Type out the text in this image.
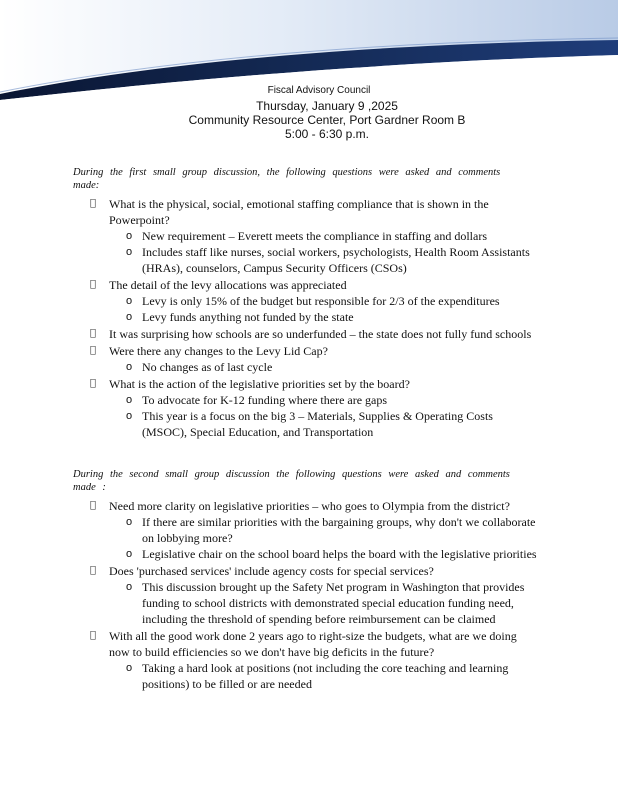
Fiscal Advisory Council
Thursday, January 9 ,2025
Community Resource Center, Port Gardner Room B
5:00 - 6:30 p.m.
During the first small group discussion, the following questions were asked and comments made:
What is the physical, social, emotional staffing compliance that is shown in the Powerpoint?
o New requirement – Everett meets the compliance in staffing and dollars
o Includes staff like nurses, social workers, psychologists, Health Room Assistants (HRAs), counselors, Campus Security Officers (CSOs)
The detail of the levy allocations was appreciated
o Levy is only 15% of the budget but responsible for 2/3 of the expenditures
o Levy funds anything not funded by the state
It was surprising how schools are so underfunded – the state does not fully fund schools
Were there any changes to the Levy Lid Cap?
o No changes as of last cycle
What is the action of the legislative priorities set by the board?
o To advocate for K-12 funding where there are gaps
o This year is a focus on the big 3 – Materials, Supplies & Operating Costs (MSOC), Special Education, and Transportation
During the second small group discussion the following questions were asked and comments made :
Need more clarity on legislative priorities – who goes to Olympia from the district?
o If there are similar priorities with the bargaining groups, why don't we collaborate on lobbying more?
o Legislative chair on the school board helps the board with the legislative priorities
Does 'purchased services' include agency costs for special services?
o This discussion brought up the Safety Net program in Washington that provides funding to school districts with demonstrated special education funding need, including the threshold of spending before reimbursement can be claimed
With all the good work done 2 years ago to right-size the budgets, what are we doing now to build efficiencies so we don't have big deficits in the future?
o Taking a hard look at positions (not including the core teaching and learning positions) to be filled or are needed
